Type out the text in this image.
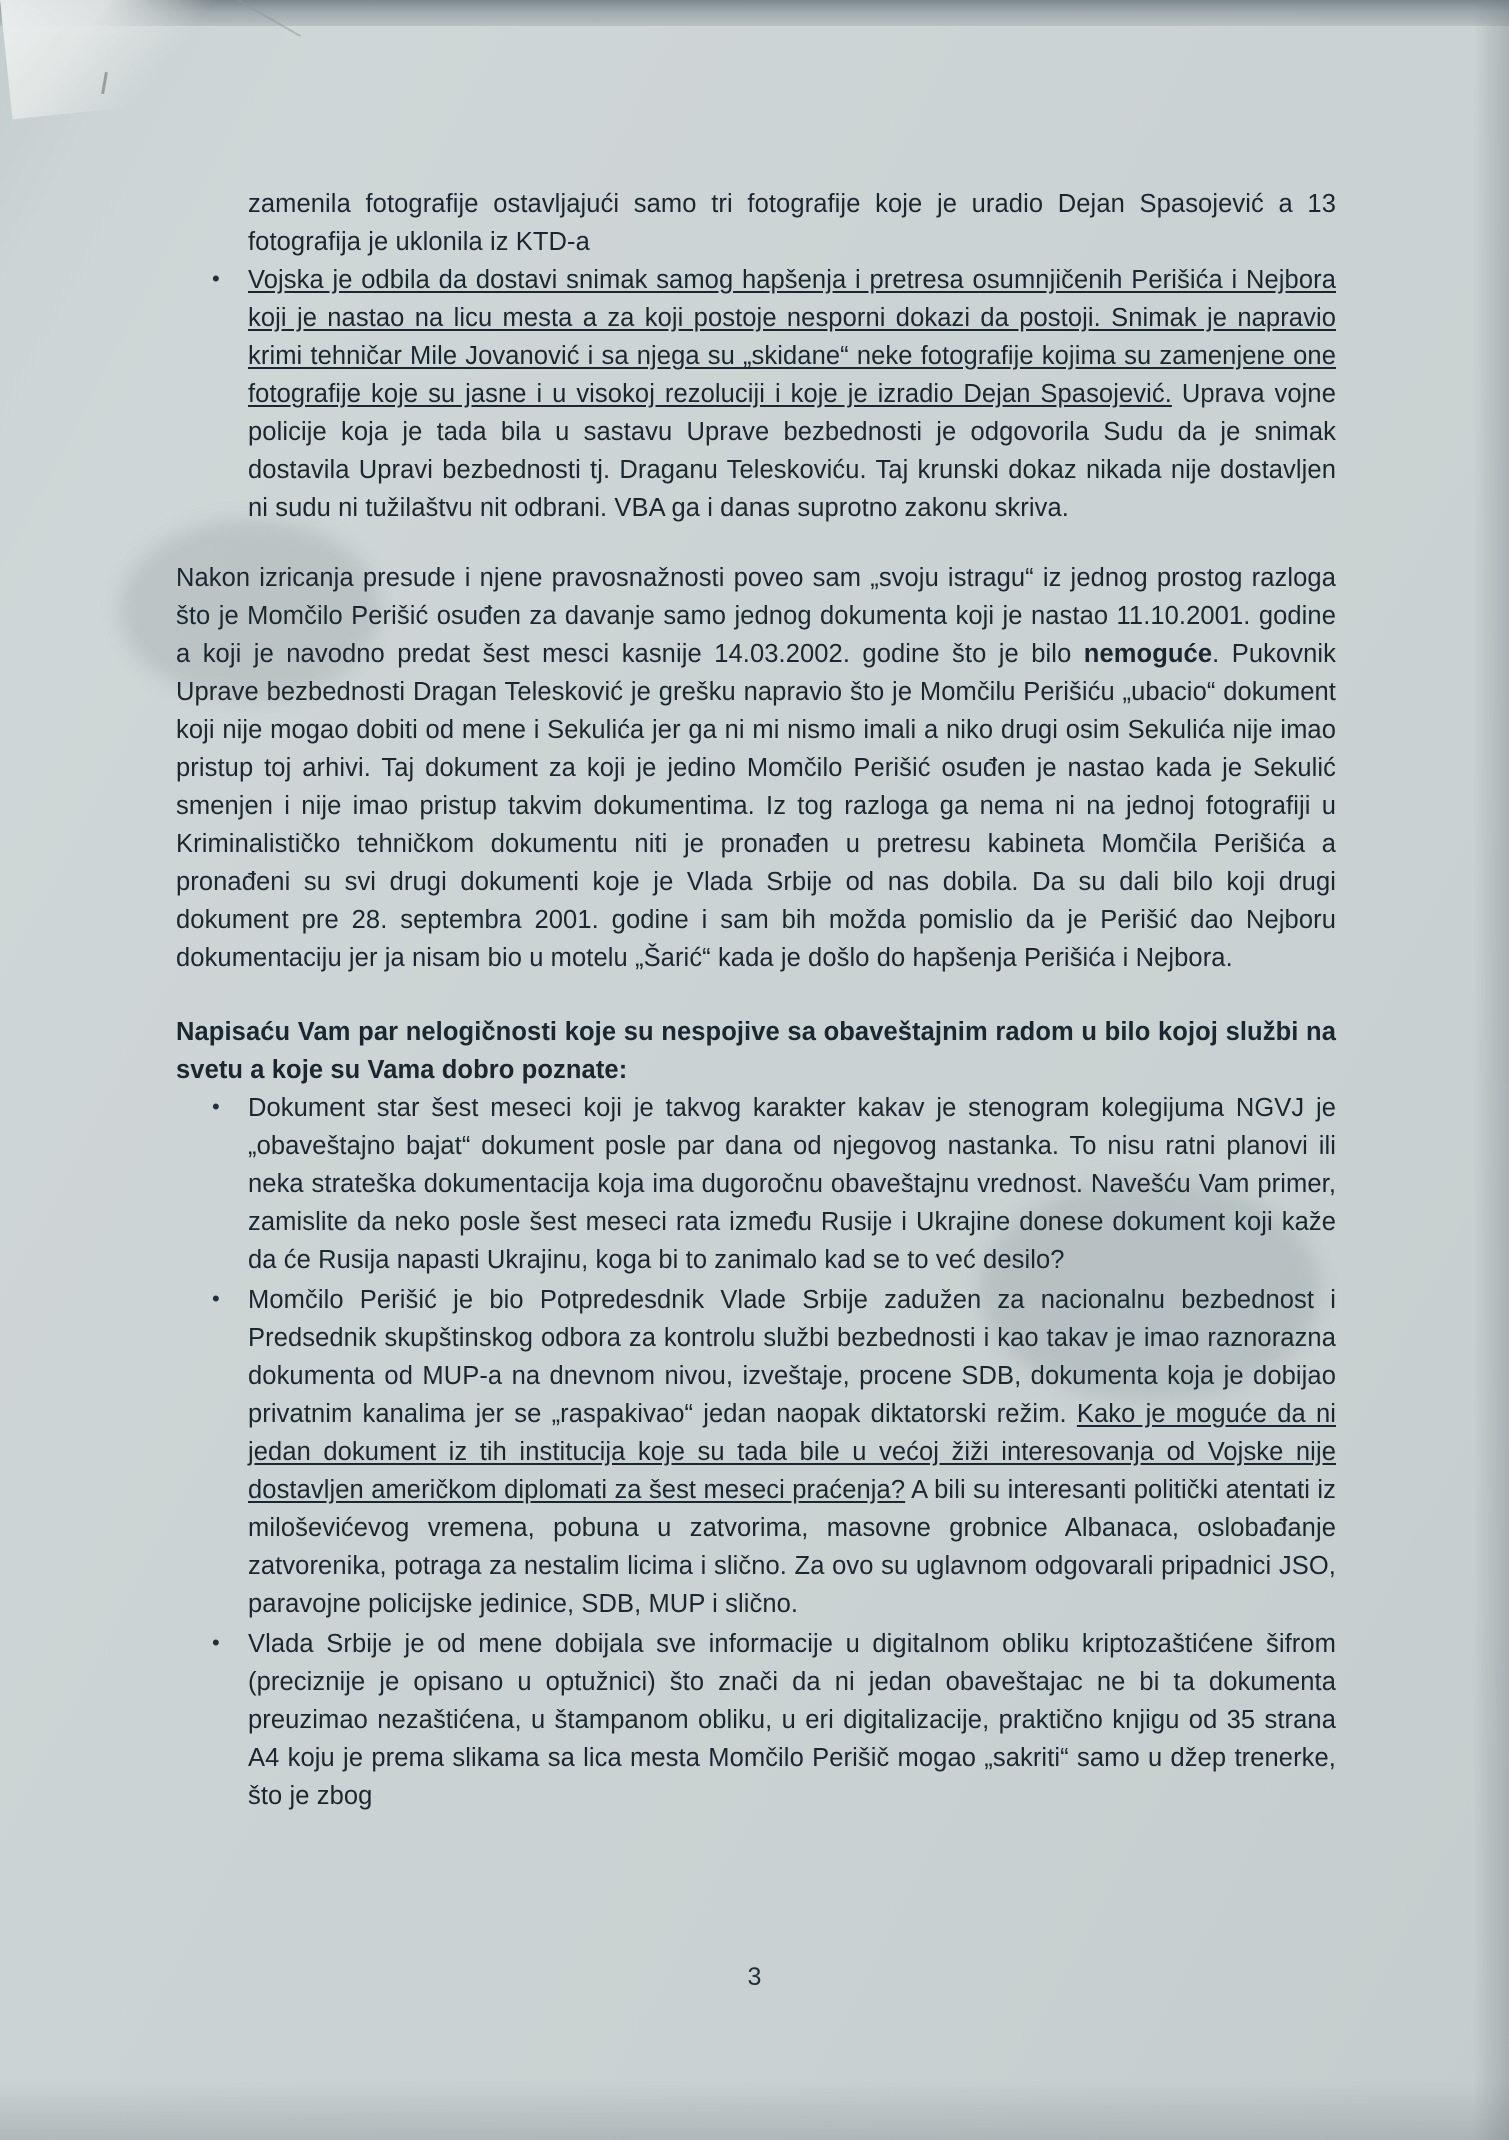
zamenila fotografije ostavljajući samo tri fotografije koje je uradio Dejan Spasojević a 13 fotografija je uklonila iz KTD-a

• Vojska je odbila da dostavi snimak samog hapšenja i pretresa osumnjičenih Perišića i Nejbora koji je nastao na licu mesta a za koji postoje nesporni dokazi da postoji. Snimak je napravio krimi tehničar Mile Jovanović i sa njega su „skidane“ neke fotografije kojima su zamenjene one fotografije koje su jasne i u visokoj rezoluciji i koje je izradio Dejan Spasojević. Uprava vojne policije koja je tada bila u sastavu Uprave bezbednosti je odgovorila Sudu da je snimak dostavila Upravi bezbednosti tj. Draganu Teleskoviću. Taj krunski dokaz nikada nije dostavljen ni sudu ni tužilaštvu nit odbrani. VBA ga i danas suprotno zakonu skriva.

Nakon izricanja presude i njene pravosnažnosti poveo sam „svoju istragu“ iz jednog prostog razloga što je Momčilo Perišić osuđen za davanje samo jednog dokumenta koji je nastao 11.10.2001. godine a koji je navodno predat šest mesci kasnije 14.03.2002. godine što je bilo nemoguće. Pukovnik Uprave bezbednosti Dragan Telesković je grešku napravio što je Momčilu Perišiću „ubacio“ dokument koji nije mogao dobiti od mene i Sekulića jer ga ni mi nismo imali a niko drugi osim Sekulića nije imao pristup toj arhivi. Taj dokument za koji je jedino Momčilo Perišić osuđen je nastao kada je Sekulić smenjen i nije imao pristup takvim dokumentima. Iz tog razloga ga nema ni na jednoj fotografiji u Kriminalističko tehničkom dokumentu niti je pronađen u pretresu kabineta Momčila Perišića a pronađeni su svi drugi dokumenti koje je Vlada Srbije od nas dobila. Da su dali bilo koji drugi dokument pre 28. septembra 2001. godine i sam bih možda pomislio da je Perišić dao Nejboru dokumentaciju jer ja nisam bio u motelu „Šarić“ kada je došlo do hapšenja Perišića i Nejbora.

Napisaću Vam par nelogičnosti koje su nespojive sa obaveštajnim radom u bilo kojoj službi na svetu a koje su Vama dobro poznate:

• Dokument star šest meseci koji je takvog karakter kakav je stenogram kolegijuma NGVJ je „obaveštajno bajat“ dokument posle par dana od njegovog nastanka. To nisu ratni planovi ili neka strateška dokumentacija koja ima dugoročnu obaveštajnu vrednost. Navešću Vam primer, zamislite da neko posle šest meseci rata između Rusije i Ukrajine donese dokument koji kaže da će Rusija napasti Ukrajinu, koga bi to zanimalo kad se to već desilo?
• Momčilo Perišić je bio Potpredesdnik Vlade Srbije zadužen za nacionalnu bezbednost i Predsednik skupštinskog odbora za kontrolu službi bezbednosti i kao takav je imao raznorazna dokumenta od MUP-a na dnevnom nivou, izveštaje, procene SDB, dokumenta koja je dobijao privatnim kanalima jer se „raspakivao“ jedan naopak diktatorski režim. Kako je moguće da ni jedan dokument iz tih institucija koje su tada bile u većoj žiži interesovanja od Vojske nije dostavljen američkom diplomati za šest meseci praćenja? A bili su interesanti politički atentati iz miloševićevog vremena, pobuna u zatvorima, masovne grobnice Albanaca, oslobađanje zatvorenika, potraga za nestalim licima i slično. Za ovo su uglavnom odgovarali pripadnici JSO, paravojne policijske jedinice, SDB, MUP i slično.
• Vlada Srbije je od mene dobijala sve informacije u digitalnom obliku kriptozaštićene šifrom (preciznije je opisano u optužnici) što znači da ni jedan obaveštajac ne bi ta dokumenta preuzimao nezaštićena, u štampanom obliku, u eri digitalizacije, praktično knjigu od 35 strana A4 koju je prema slikama sa lica mesta Momčilo Perišič mogao „sakriti“ samo u džep trenerke, što je zbog
3
